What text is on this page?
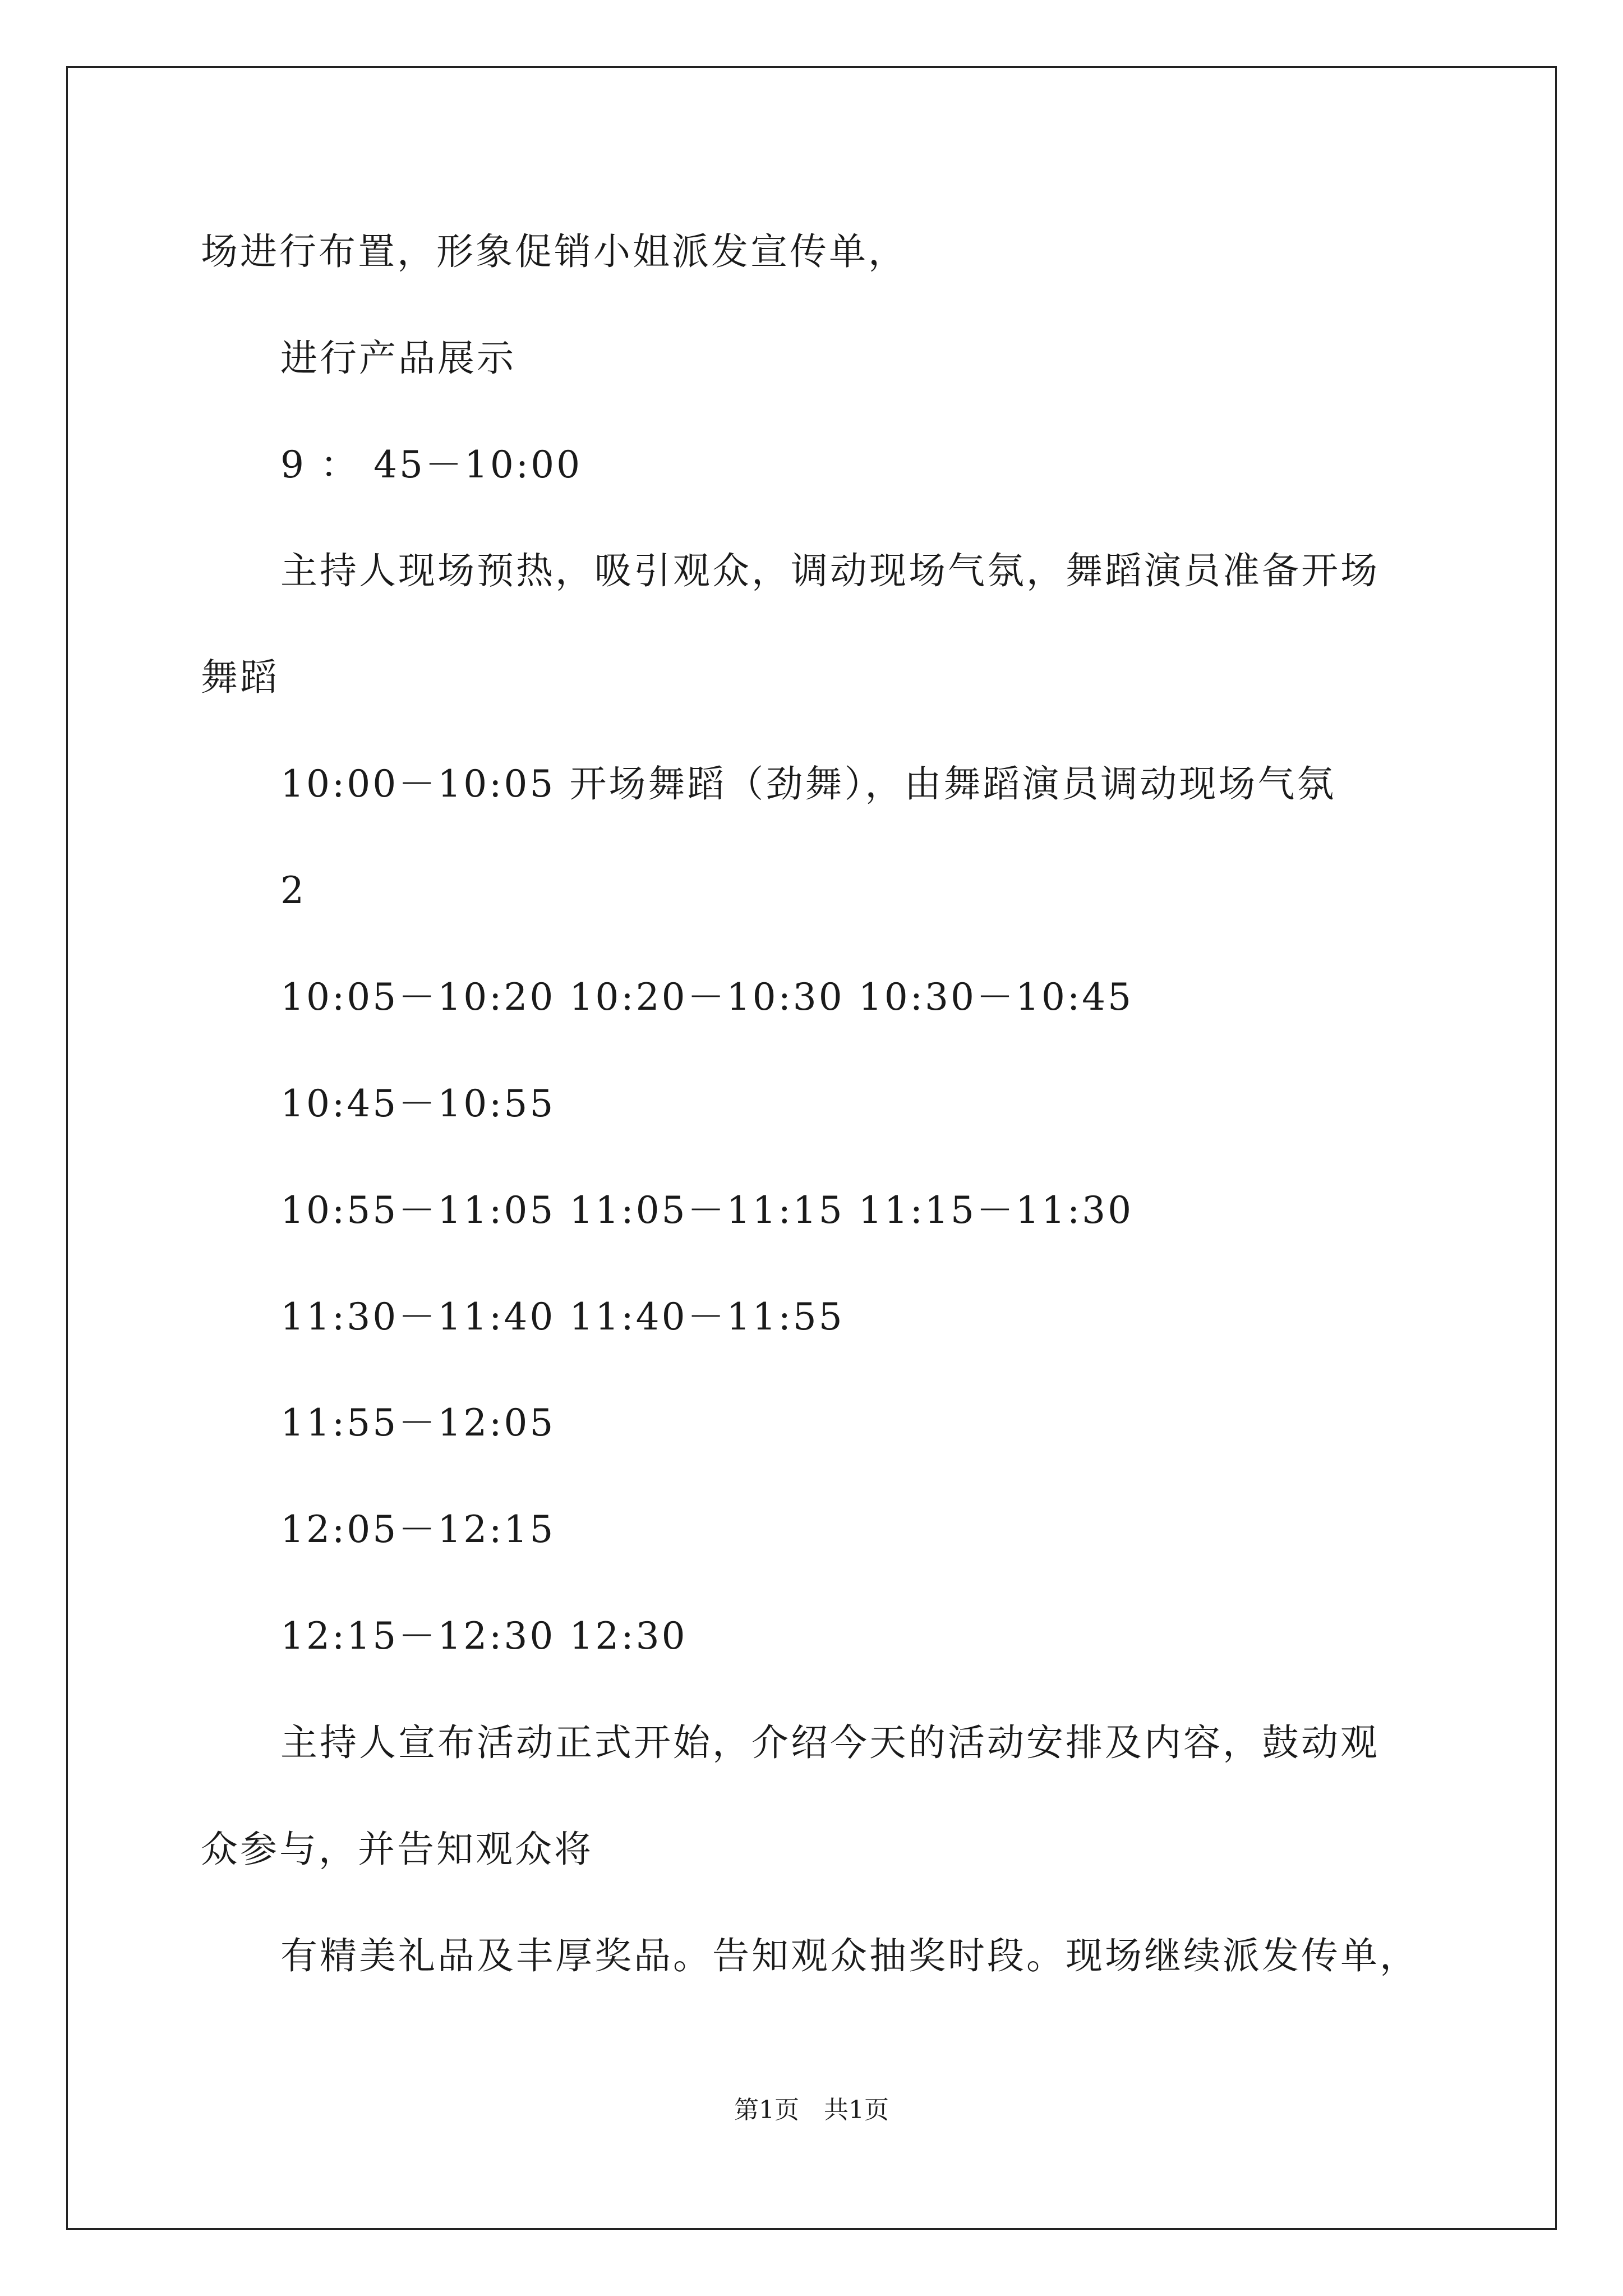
场进行布置，形象促销小姐派发宣传单，
进行产品展示
9 ： 45－10:00
主持人现场预热，吸引观众，调动现场气氛，舞蹈演员准备开场
舞蹈
10:00－10:05 开场舞蹈（劲舞），由舞蹈演员调动现场气氛
2
10:05－10:20 10:20－10:30 10:30－10:45
10:45－10:55
10:55－11:05 11:05－11:15 11:15－11:30
11:30－11:40 11:40－11:55
11:55－12:05
12:05－12:15
12:15－12:30 12:30
主持人宣布活动正式开始，介绍今天的活动安排及内容，鼓动观
众参与，并告知观众将
有精美礼品及丰厚奖品。告知观众抽奖时段。现场继续派发传单，
第1页　共1页
